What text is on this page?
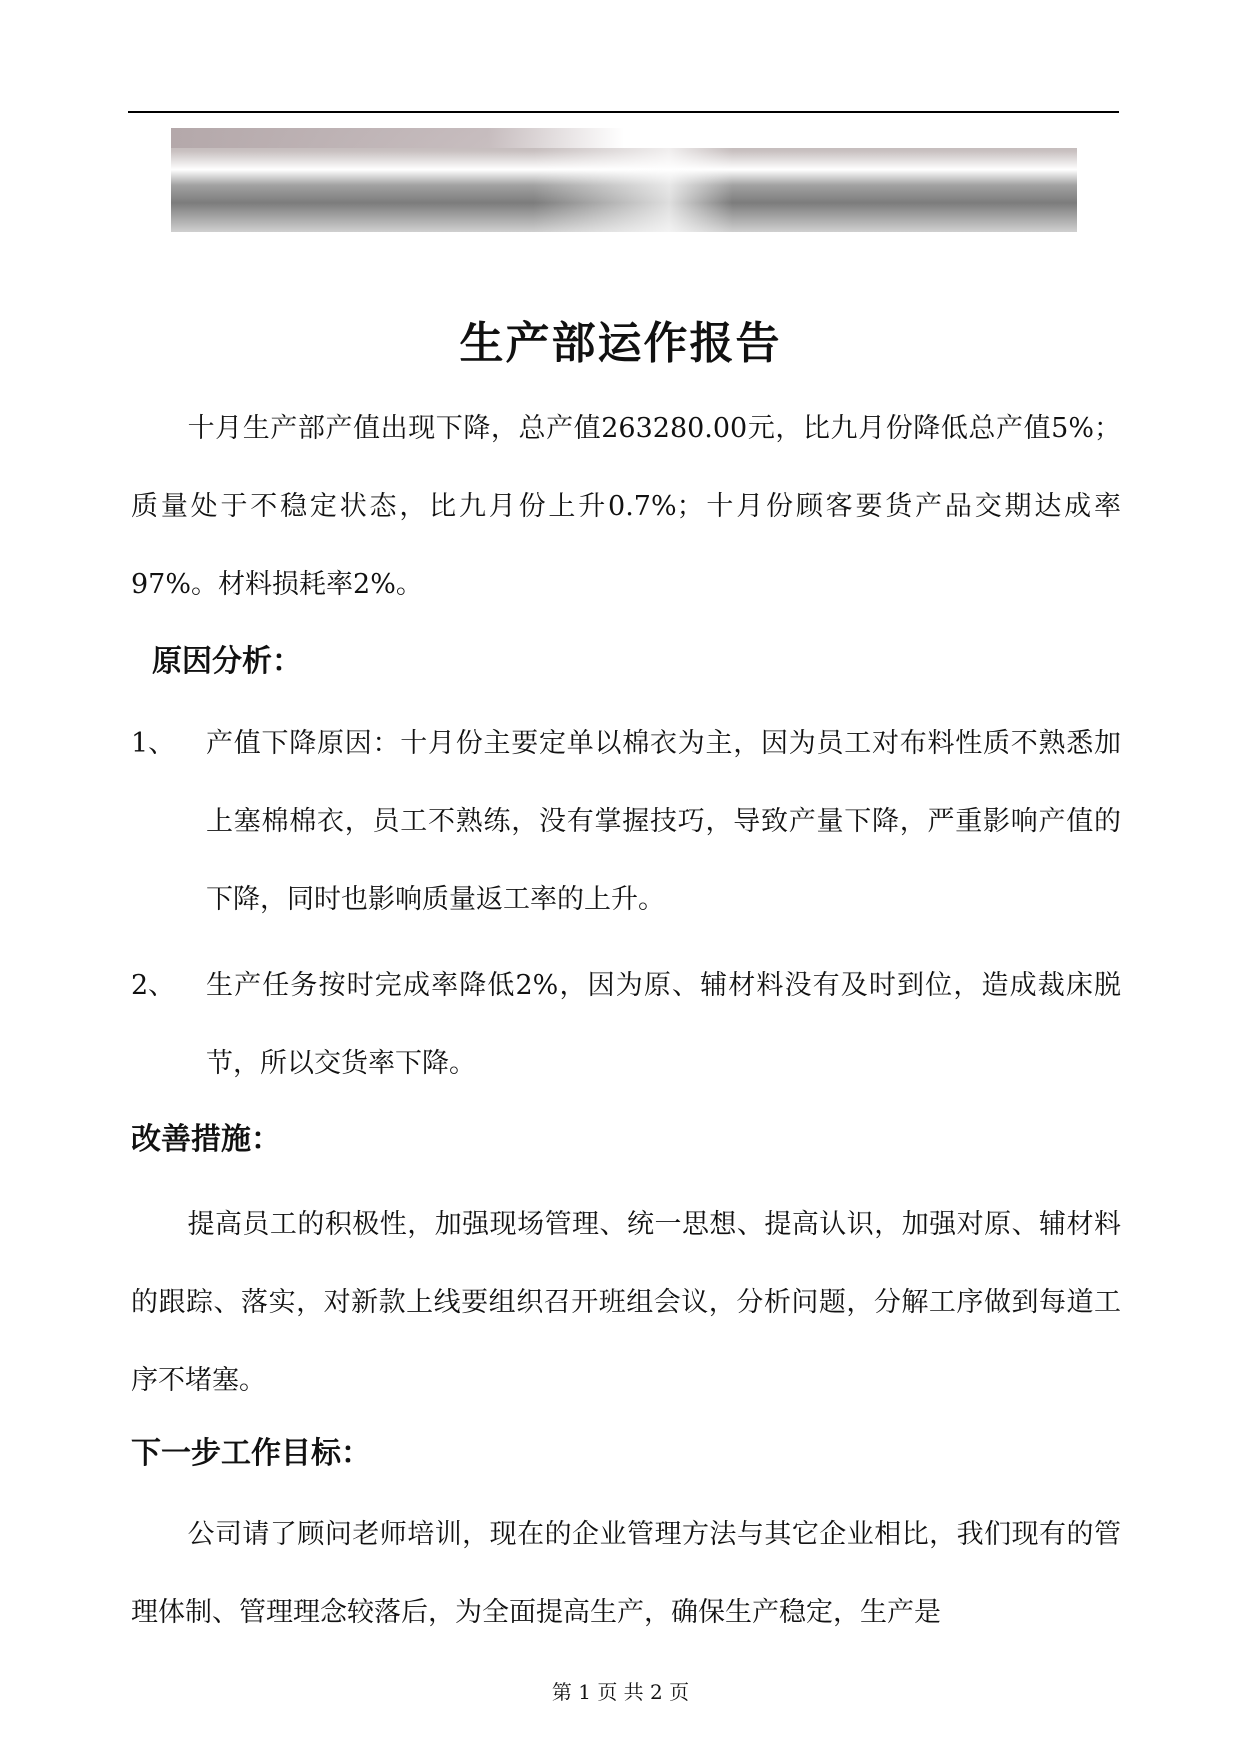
生产部运作报告
十月生产部产值出现下降，总产值263280.00元，比九月份降低总产值5%；质量处于不稳定状态，比九月份上升0.7%；十月份顾客要货产品交期达成率97%。材料损耗率2%。
原因分析：
1、 产值下降原因：十月份主要定单以棉衣为主，因为员工对布料性质不熟悉加上塞棉棉衣，员工不熟练，没有掌握技巧，导致产量下降，严重影响产值的下降，同时也影响质量返工率的上升。
2、 生产任务按时完成率降低2%，因为原、辅材料没有及时到位，造成裁床脱节，所以交货率下降。
改善措施：
提高员工的积极性，加强现场管理、统一思想、提高认识，加强对原、辅材料的跟踪、落实，对新款上线要组织召开班组会议，分析问题，分解工序做到每道工序不堵塞。
下一步工作目标：
公司请了顾问老师培训，现在的企业管理方法与其它企业相比，我们现有的管理体制、管理理念较落后，为全面提高生产，确保生产稳定，生产是
第 1 页 共 2 页
